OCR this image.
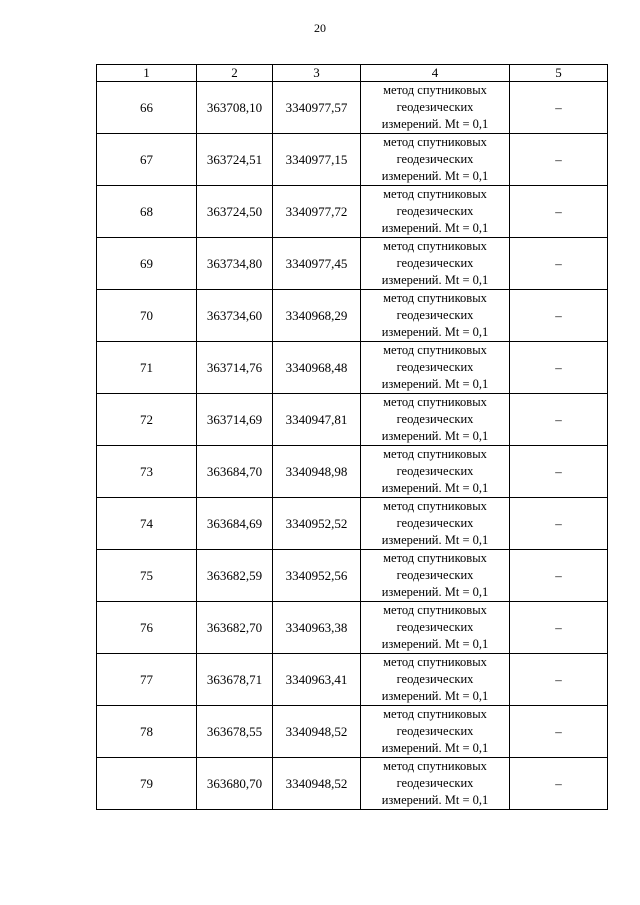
20
1	2	3	4	5
66	363708,10	3340977,57	метод спутниковых
геодезических
измерений. Mt = 0,1	–
67	363724,51	3340977,15	метод спутниковых
геодезических
измерений. Mt = 0,1	–
68	363724,50	3340977,72	метод спутниковых
геодезических
измерений. Mt = 0,1	–
69	363734,80	3340977,45	метод спутниковых
геодезических
измерений. Mt = 0,1	–
70	363734,60	3340968,29	метод спутниковых
геодезических
измерений. Mt = 0,1	–
71	363714,76	3340968,48	метод спутниковых
геодезических
измерений. Mt = 0,1	–
72	363714,69	3340947,81	метод спутниковых
геодезических
измерений. Mt = 0,1	–
73	363684,70	3340948,98	метод спутниковых
геодезических
измерений. Mt = 0,1	–
74	363684,69	3340952,52	метод спутниковых
геодезических
измерений. Mt = 0,1	–
75	363682,59	3340952,56	метод спутниковых
геодезических
измерений. Mt = 0,1	–
76	363682,70	3340963,38	метод спутниковых
геодезических
измерений. Mt = 0,1	–
77	363678,71	3340963,41	метод спутниковых
геодезических
измерений. Mt = 0,1	–
78	363678,55	3340948,52	метод спутниковых
геодезических
измерений. Mt = 0,1	–
79	363680,70	3340948,52	метод спутниковых
геодезических
измерений. Mt = 0,1	–
